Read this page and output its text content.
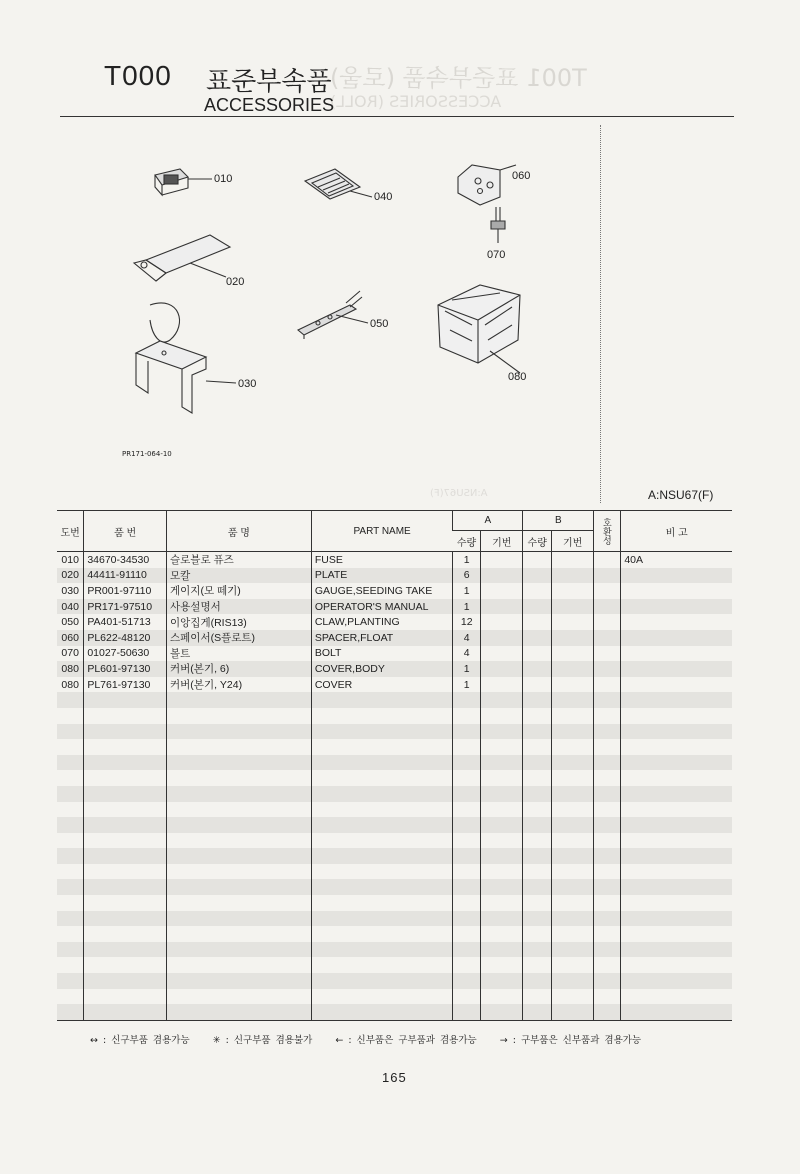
T001 표준부속품 (로울)
ACCESSORIES (ROLL)
T000 표준부속품
ACCESSORIES
010
020
030
040
050
060
070
080
PR171-064-10
A:NSU67(F)	A:NSU67(F)
도번	품 번	품 명	PART NAME	A		B		호환성	비 고
				수량	기번	수량	기번		
010	34670-34530	슬로블로 퓨즈	FUSE	1					40A
020	44411-91110	모칼	PLATE	6					
030	PR001-97110	게이지(모 떼기)	GAUGE,SEEDING TAKE	1					
040	PR171-97510	사용설명서	OPERATOR'S MANUAL	1					
050	PA401-51713	이앙집게(RIS13)	CLAW,PLANTING	12					
060	PL622-48120	스페이서(S플로트)	SPACER,FLOAT	4					
070	01027-50630	볼트	BOLT	4					
080	PL601-97130	커버(본기, 6)	COVER,BODY	1					
080	PL761-97130	커버(본기, Y24)	COVER	1					

↔ : 신구부품 겸용가능 ✳ : 신구부품 겸용불가 ← : 신부품은 구부품과 겸용가능 → : 구부품은 신부품과 겸용가능
165
